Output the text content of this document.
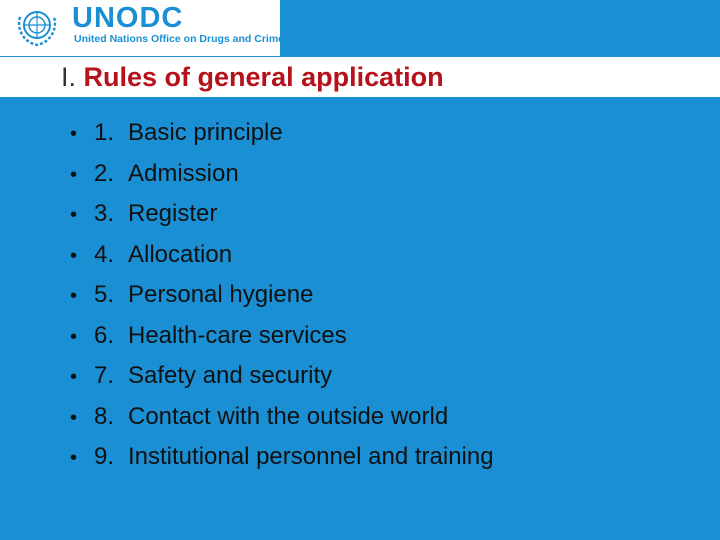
UNODC
United Nations Office on Drugs and Crime
I. Rules of general application
• 1. Basic principle
• 2. Admission
• 3. Register
• 4. Allocation
• 5. Personal hygiene
• 6. Health-care services
• 7. Safety and security
• 8. Contact with the outside world
• 9. Institutional personnel and training
